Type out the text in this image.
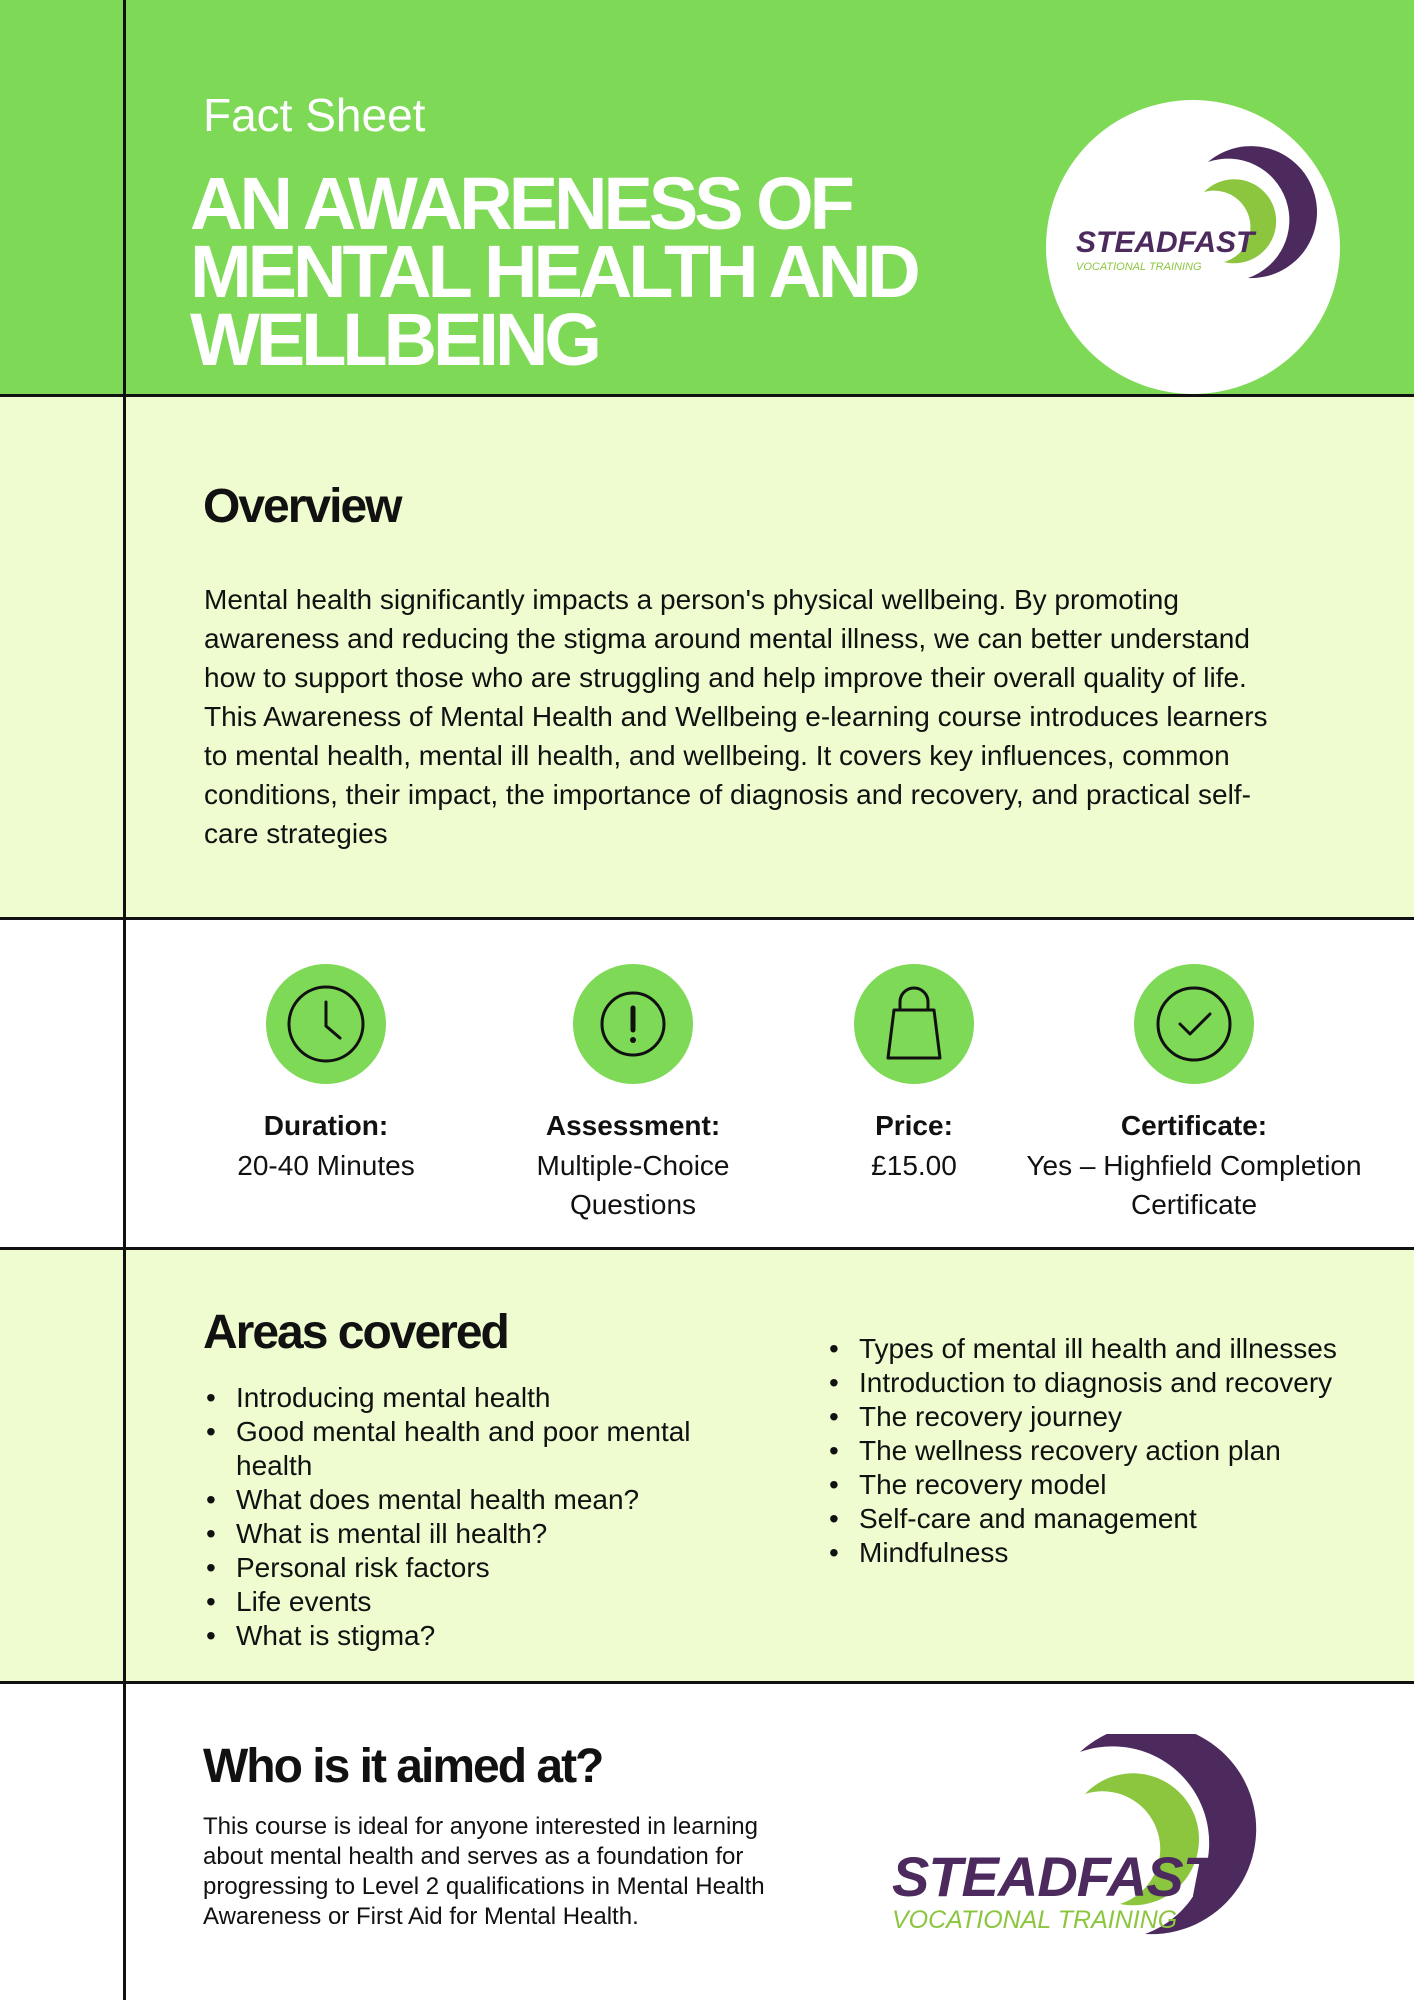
Fact Sheet
AN AWARENESS OF MENTAL HEALTH AND WELLBEING
STEADFAST
VOCATIONAL TRAINING
Overview

Mental health significantly impacts a person's physical wellbeing. By promoting awareness and reducing the stigma around mental illness, we can better understand how to support those who are struggling and help improve their overall quality of life. This Awareness of Mental Health and Wellbeing e-learning course introduces learners to mental health, mental ill health, and wellbeing. It covers key influences, common conditions, their impact, the importance of diagnosis and recovery, and practical self-care strategies

Duration:
20-40 Minutes
Assessment:
Multiple-Choice Questions
Price:
£15.00
Certificate:
Yes – Highfield Completion Certificate
Areas covered
• Introducing mental health
• Good mental health and poor mental health
• What does mental health mean?
• What is mental ill health?
• Personal risk factors
• Life events
• What is stigma?
• Types of mental ill health and illnesses
• Introduction to diagnosis and recovery
• The recovery journey
• The wellness recovery action plan
• The recovery model
• Self-care and management
• Mindfulness
Who is it aimed at?

This course is ideal for anyone interested in learning about mental health and serves as a foundation for progressing to Level 2 qualifications in Mental Health Awareness or First Aid for Mental Health.

STEADFAST
VOCATIONAL TRAINING
